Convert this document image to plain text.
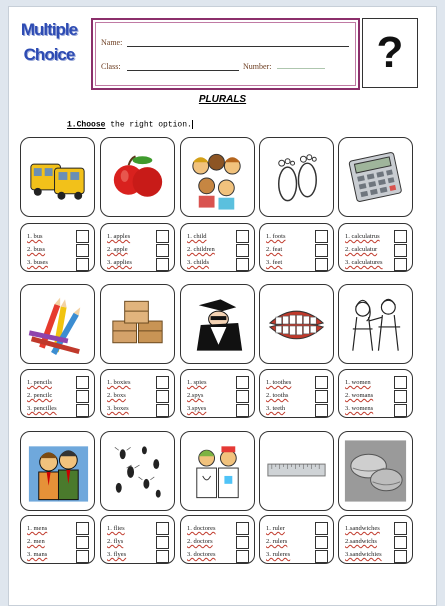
Multiple
Choice
Name:
Class:	Number: ........................ ?
PLURALS
1.Choose the right option.
1. bus
2. buss
3. buses
1. apples
2. apple
3. applies
1. child
2. children
3. childs
1. foots
2. feat
3. feet
1. calculatrus
2. calculatur
3. calculatures
1. pencils
2. pencilc
3. pencilles
1. boxies
2. boxs
3. boxes
1. spies
2.spys
3.spyes
1. toothes
2. tooths
3. teeth
1. women
2. womans
3. womens
1. mens
2. men
3. mans
1. flies
2. flys
3. flyes
1. doctores
2. doctors
3. doctores
1. ruler
2. rulers
3. ruleres
1.sandwiches
2.sandwichs
3.sandwichies
